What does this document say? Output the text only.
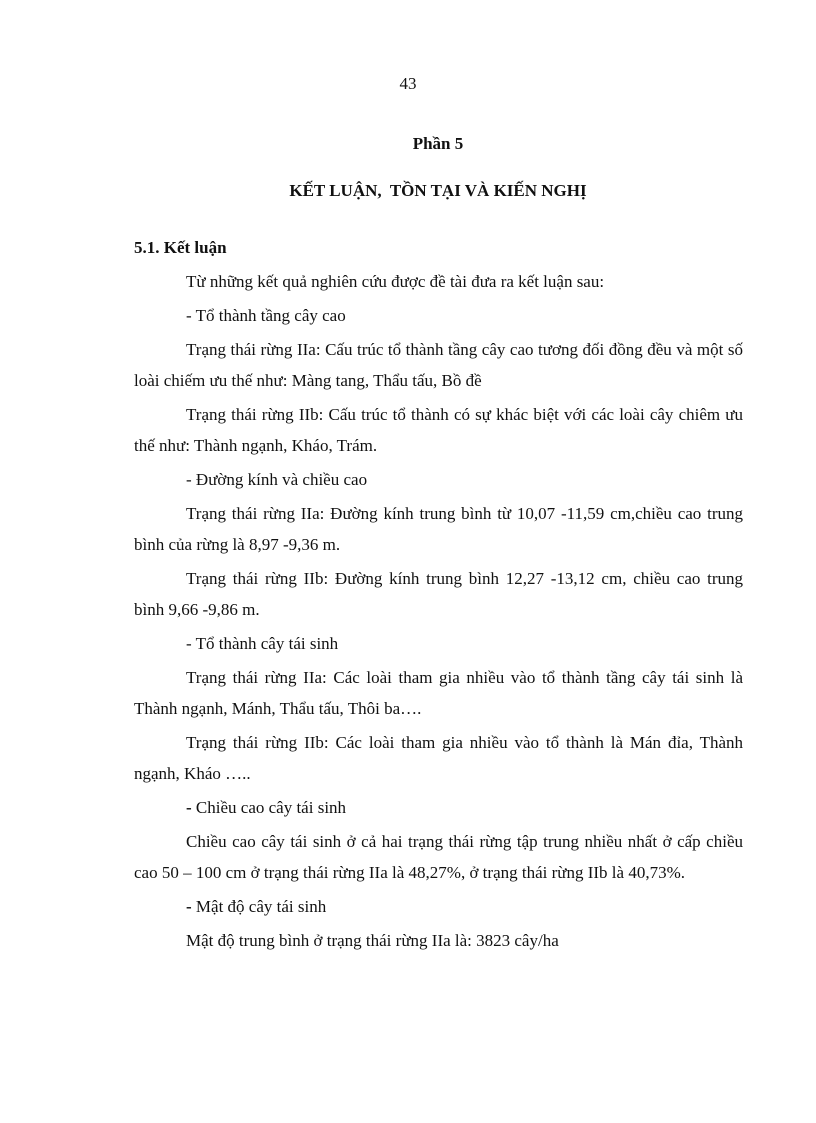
43
Phần 5
KẾT LUẬN,  TỒN TẠI VÀ KIẾN NGHỊ

5.1. Kết luận

Từ những kết quả nghiên cứu được đề tài đưa ra kết luận sau:

- Tổ thành tầng cây cao

Trạng thái rừng IIa: Cấu trúc tổ thành tầng cây cao tương đối đồng đều và một số loài chiếm ưu thế như: Màng tang, Thẩu tấu, Bồ đề

Trạng thái rừng IIb: Cấu trúc tổ thành có sự khác biệt với các loài cây chiêm ưu thế như: Thành ngạnh, Kháo, Trám.

- Đường kính và chiều cao

Trạng thái rừng IIa: Đường kính trung bình từ 10,07 -11,59 cm,chiều cao trung bình của rừng là 8,97 -9,36 m.

Trạng thái rừng IIb: Đường kính trung bình 12,27 -13,12 cm, chiều cao trung bình 9,66 -9,86 m.

- Tổ thành cây tái sinh

Trạng thái rừng IIa: Các loài tham gia nhiều vào tổ thành tầng cây tái sinh là Thành ngạnh, Mánh, Thẩu tấu, Thôi ba….

Trạng thái rừng IIb: Các loài tham gia nhiều vào tổ thành là Mán đỉa, Thành ngạnh, Kháo …..

- Chiều cao cây tái sinh

Chiều cao cây tái sinh ở cả hai trạng thái rừng tập trung nhiều nhất ở cấp chiều cao 50 – 100 cm ở trạng thái rừng IIa là 48,27%, ở trạng thái rừng IIb là 40,73%.

- Mật độ cây tái sinh

Mật độ trung bình ở trạng thái rừng IIa là: 3823 cây/ha
